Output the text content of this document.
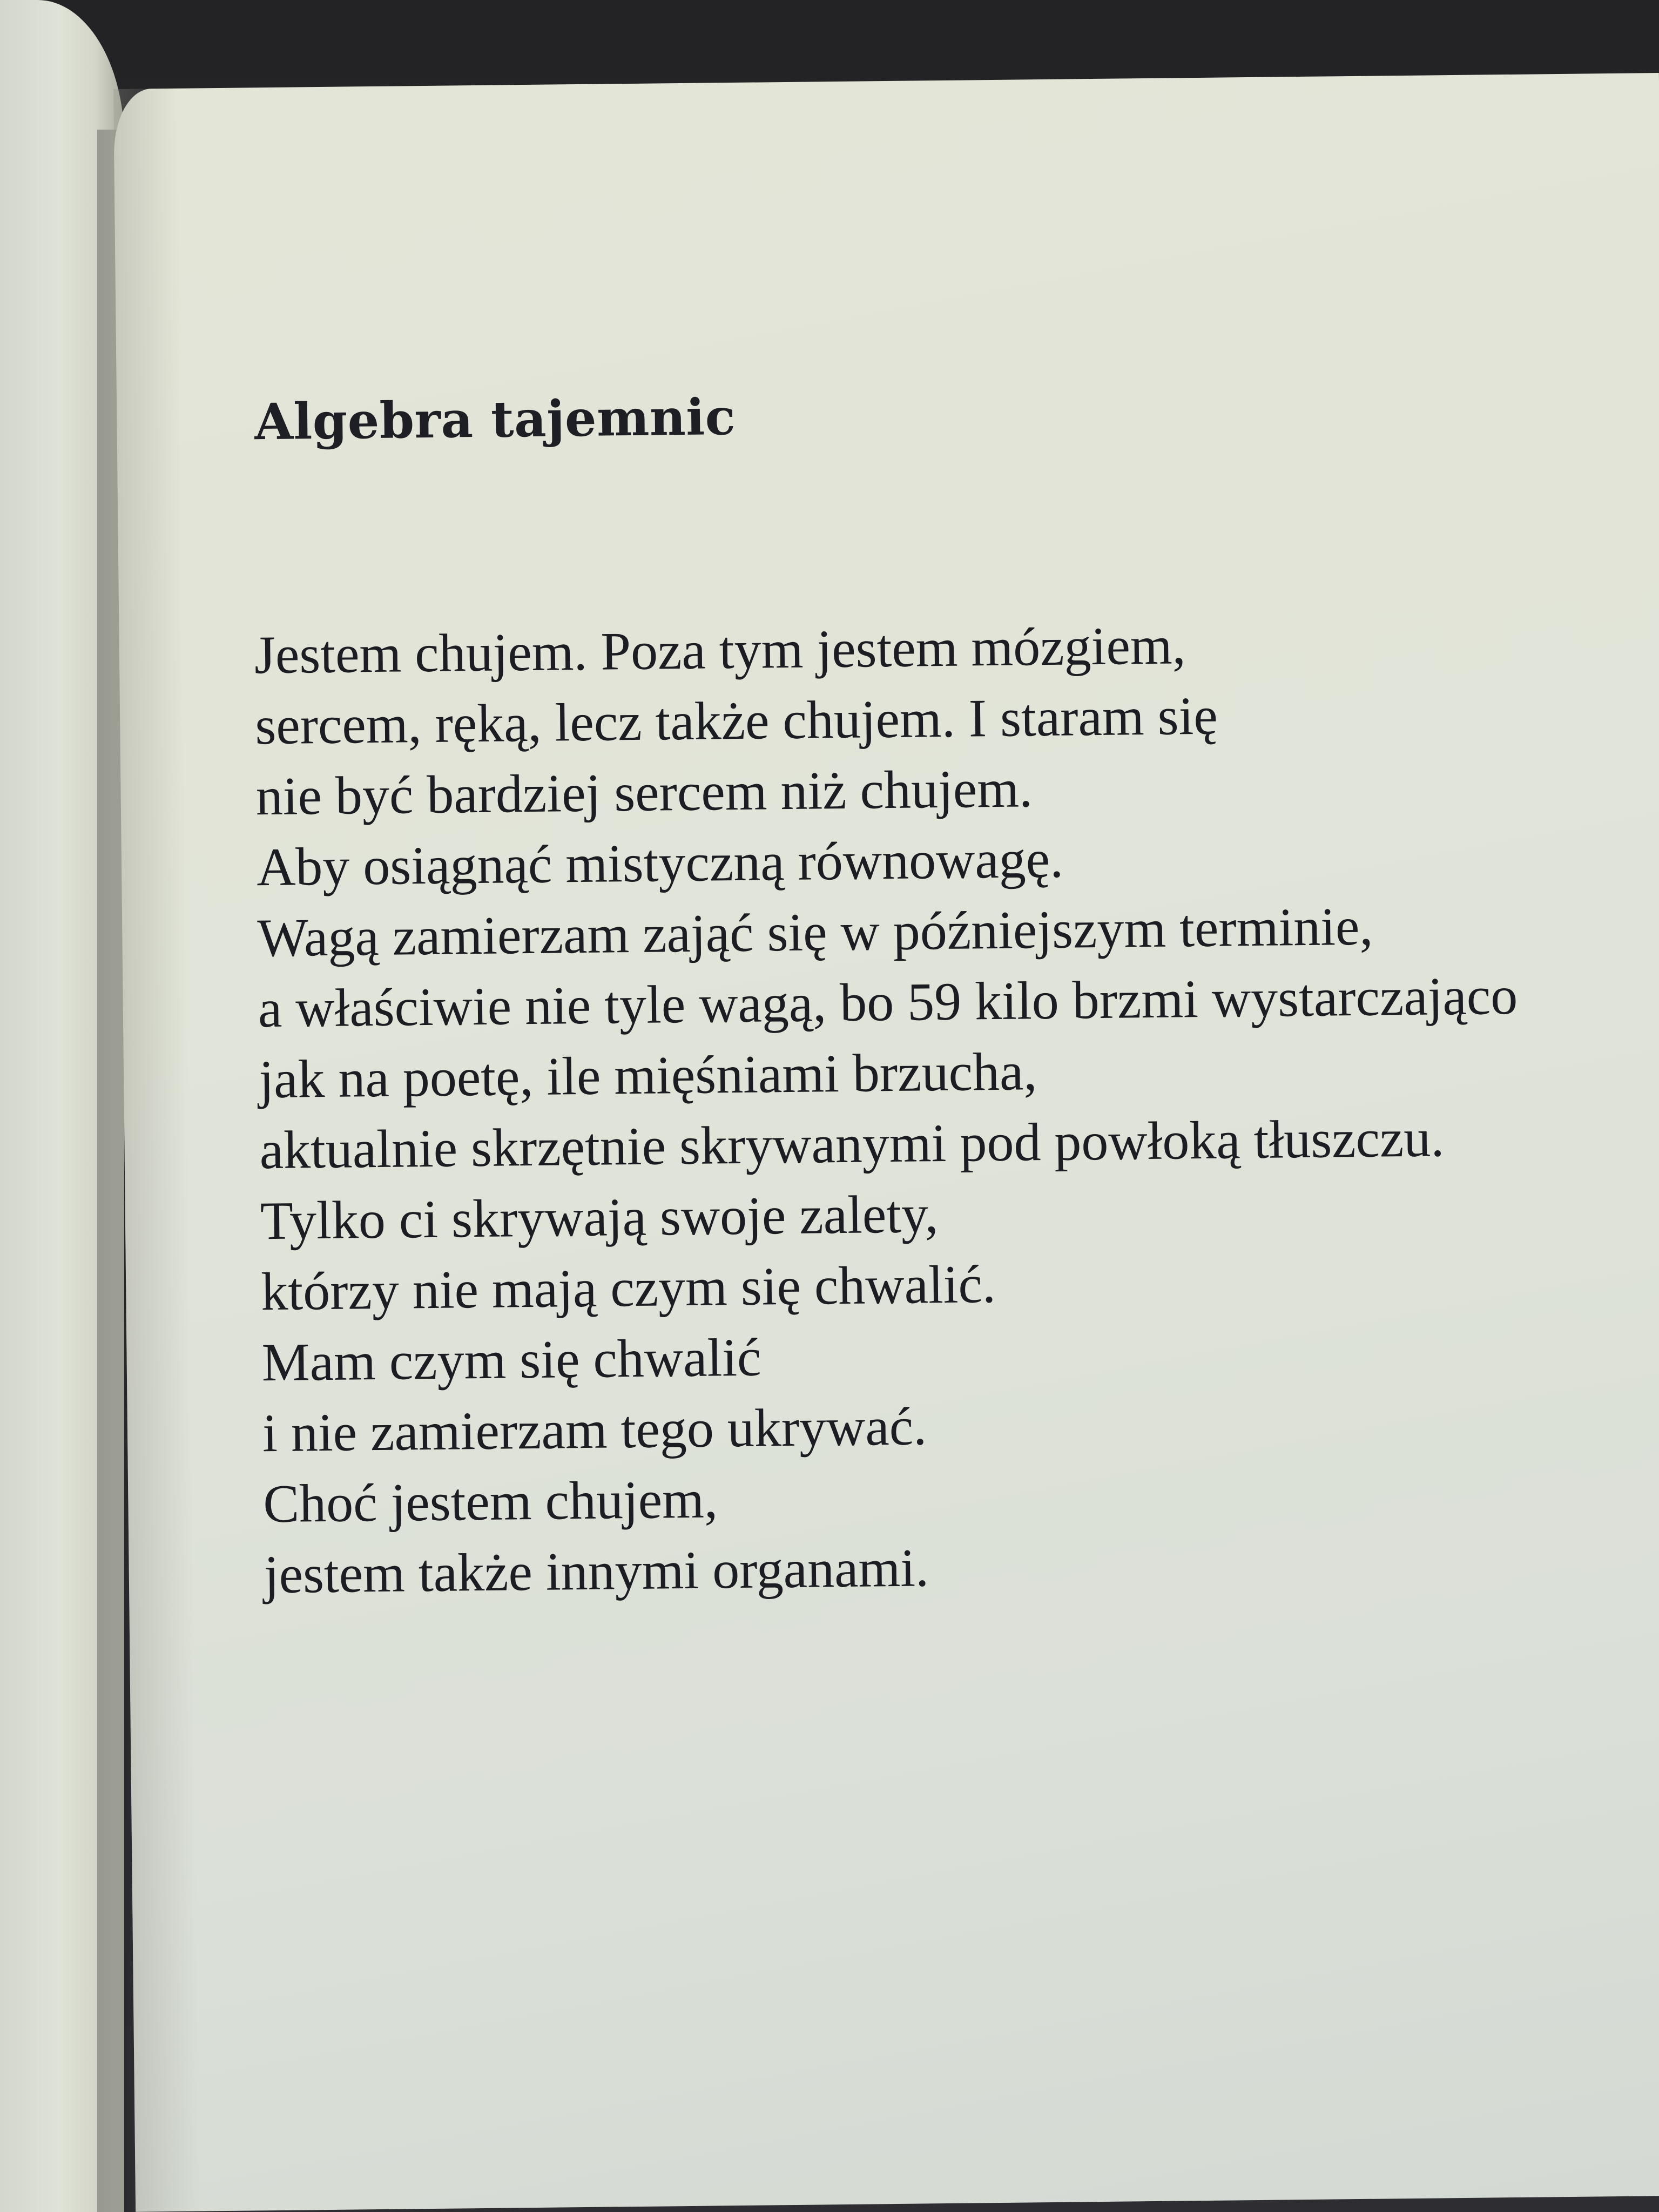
Algebra tajemnic
Jestem chujem. Poza tym jestem mózgiem,
sercem, ręką, lecz także chujem. I staram się
nie być bardziej sercem niż chujem.
Aby osiągnąć mistyczną równowagę.
Wagą zamierzam zająć się w późniejszym terminie,
a właściwie nie tyle wagą, bo 59 kilo brzmi wystarczająco
jak na poetę, ile mięśniami brzucha,
aktualnie skrzętnie skrywanymi pod powłoką tłuszczu.
Tylko ci skrywają swoje zalety,
którzy nie mają czym się chwalić.
Mam czym się chwalić
i nie zamierzam tego ukrywać.
Choć jestem chujem,
jestem także innymi organami.
